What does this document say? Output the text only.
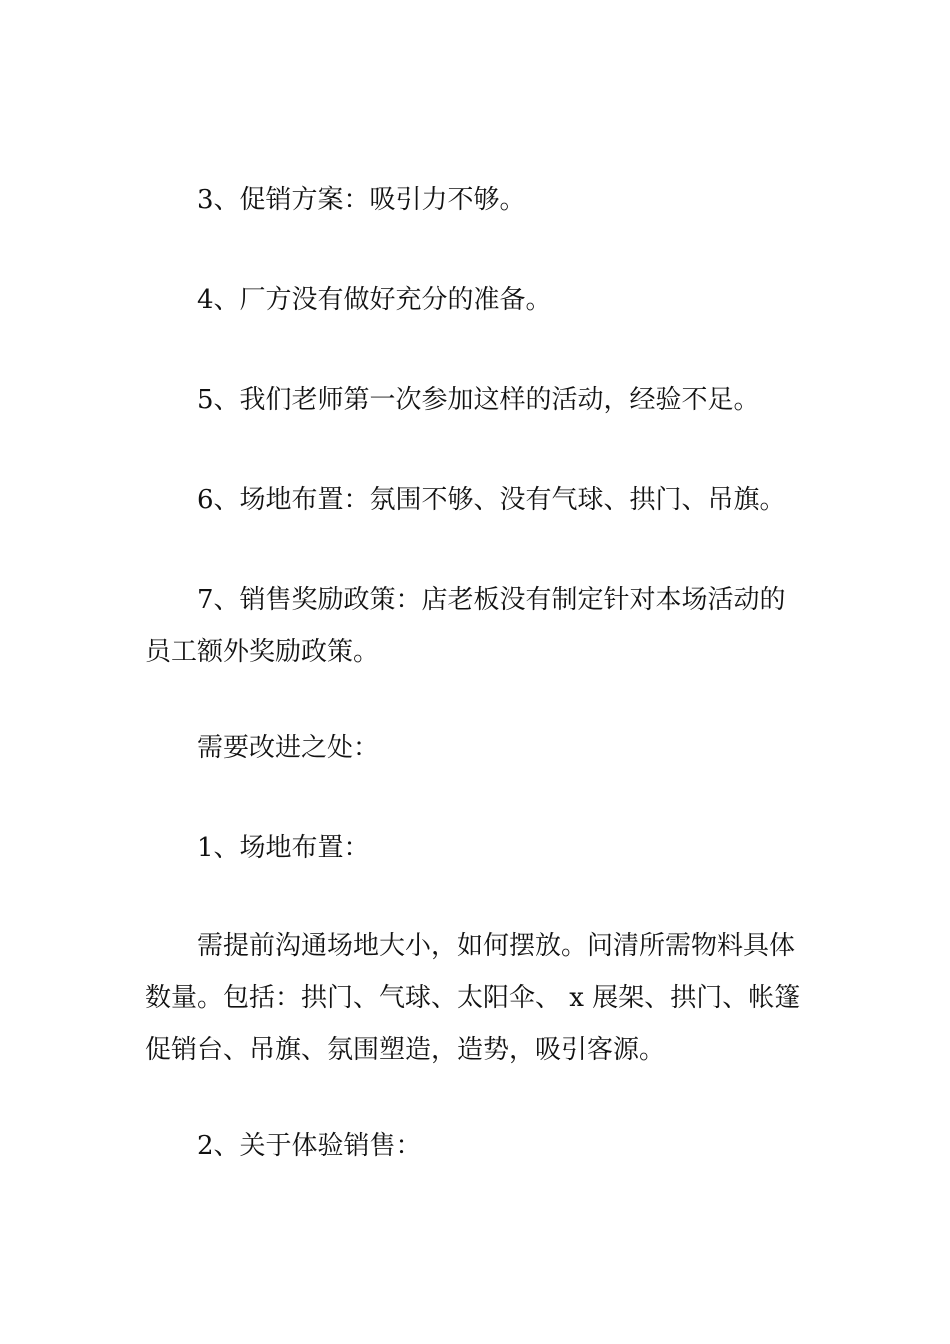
3、促销方案：吸引力不够。

4、厂方没有做好充分的准备。

5、我们老师第一次参加这样的活动，经验不足。

6、场地布置：氛围不够、没有气球、拱门、吊旗。

7、销售奖励政策：店老板没有制定针对本场活动的员工额外奖励政策。

需要改进之处：

1、场地布置：

需提前沟通场地大小，如何摆放。问清所需物料具体数量。包括：拱门、气球、太阳伞、 x 展架、拱门、帐篷促销台、吊旗、氛围塑造，造势，吸引客源。

2、关于体验销售：
